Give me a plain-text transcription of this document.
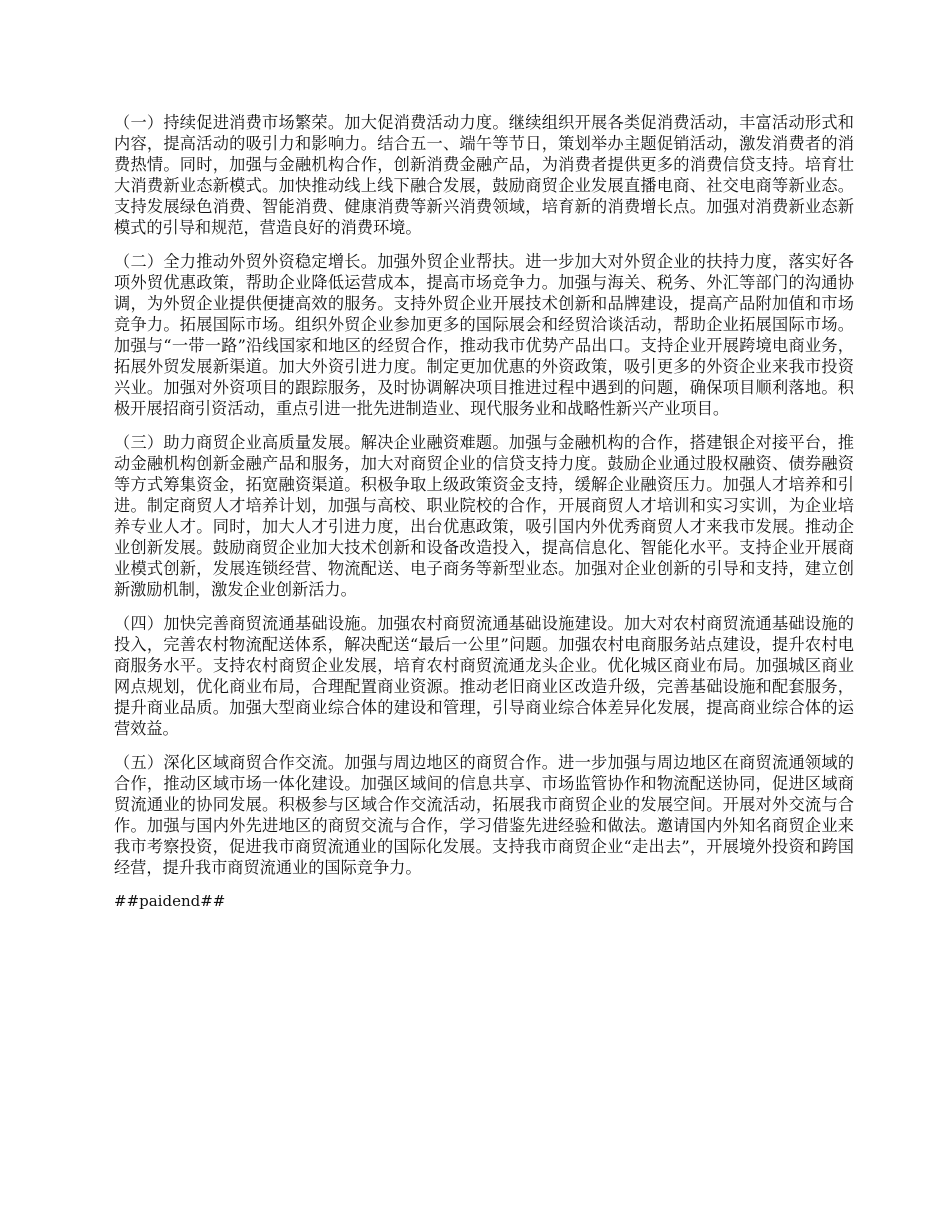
（一）持续促进消费市场繁荣。加大促消费活动力度。继续组织开展各类促消费活动，丰富活动形式和内容，提高活动的吸引力和影响力。结合五一、端午等节日，策划举办主题促销活动，激发消费者的消费热情。同时，加强与金融机构合作，创新消费金融产品，为消费者提供更多的消费信贷支持。培育壮大消费新业态新模式。加快推动线上线下融合发展，鼓励商贸企业发展直播电商、社交电商等新业态。支持发展绿色消费、智能消费、健康消费等新兴消费领域，培育新的消费增长点。加强对消费新业态新模式的引导和规范，营造良好的消费环境。

（二）全力推动外贸外资稳定增长。加强外贸企业帮扶。进一步加大对外贸企业的扶持力度，落实好各项外贸优惠政策，帮助企业降低运营成本，提高市场竞争力。加强与海关、税务、外汇等部门的沟通协调，为外贸企业提供便捷高效的服务。支持外贸企业开展技术创新和品牌建设，提高产品附加值和市场竞争力。拓展国际市场。组织外贸企业参加更多的国际展会和经贸洽谈活动，帮助企业拓展国际市场。加强与“一带一路”沿线国家和地区的经贸合作，推动我市优势产品出口。支持企业开展跨境电商业务，拓展外贸发展新渠道。加大外资引进力度。制定更加优惠的外资政策，吸引更多的外资企业来我市投资兴业。加强对外资项目的跟踪服务，及时协调解决项目推进过程中遇到的问题，确保项目顺利落地。积极开展招商引资活动，重点引进一批先进制造业、现代服务业和战略性新兴产业项目。

（三）助力商贸企业高质量发展。解决企业融资难题。加强与金融机构的合作，搭建银企对接平台，推动金融机构创新金融产品和服务，加大对商贸企业的信贷支持力度。鼓励企业通过股权融资、债券融资等方式筹集资金，拓宽融资渠道。积极争取上级政策资金支持，缓解企业融资压力。加强人才培养和引进。制定商贸人才培养计划，加强与高校、职业院校的合作，开展商贸人才培训和实习实训，为企业培养专业人才。同时，加大人才引进力度，出台优惠政策，吸引国内外优秀商贸人才来我市发展。推动企业创新发展。鼓励商贸企业加大技术创新和设备改造投入，提高信息化、智能化水平。支持企业开展商业模式创新，发展连锁经营、物流配送、电子商务等新型业态。加强对企业创新的引导和支持，建立创新激励机制，激发企业创新活力。

（四）加快完善商贸流通基础设施。加强农村商贸流通基础设施建设。加大对农村商贸流通基础设施的投入，完善农村物流配送体系，解决配送“最后一公里”问题。加强农村电商服务站点建设，提升农村电商服务水平。支持农村商贸企业发展，培育农村商贸流通龙头企业。优化城区商业布局。加强城区商业网点规划，优化商业布局，合理配置商业资源。推动老旧商业区改造升级，完善基础设施和配套服务，提升商业品质。加强大型商业综合体的建设和管理，引导商业综合体差异化发展，提高商业综合体的运营效益。

（五）深化区域商贸合作交流。加强与周边地区的商贸合作。进一步加强与周边地区在商贸流通领域的合作，推动区域市场一体化建设。加强区域间的信息共享、市场监管协作和物流配送协同，促进区域商贸流通业的协同发展。积极参与区域合作交流活动，拓展我市商贸企业的发展空间。开展对外交流与合作。加强与国内外先进地区的商贸交流与合作，学习借鉴先进经验和做法。邀请国内外知名商贸企业来我市考察投资，促进我市商贸流通业的国际化发展。支持我市商贸企业“走出去”，开展境外投资和跨国经营，提升我市商贸流通业的国际竞争力。

##paidend##
